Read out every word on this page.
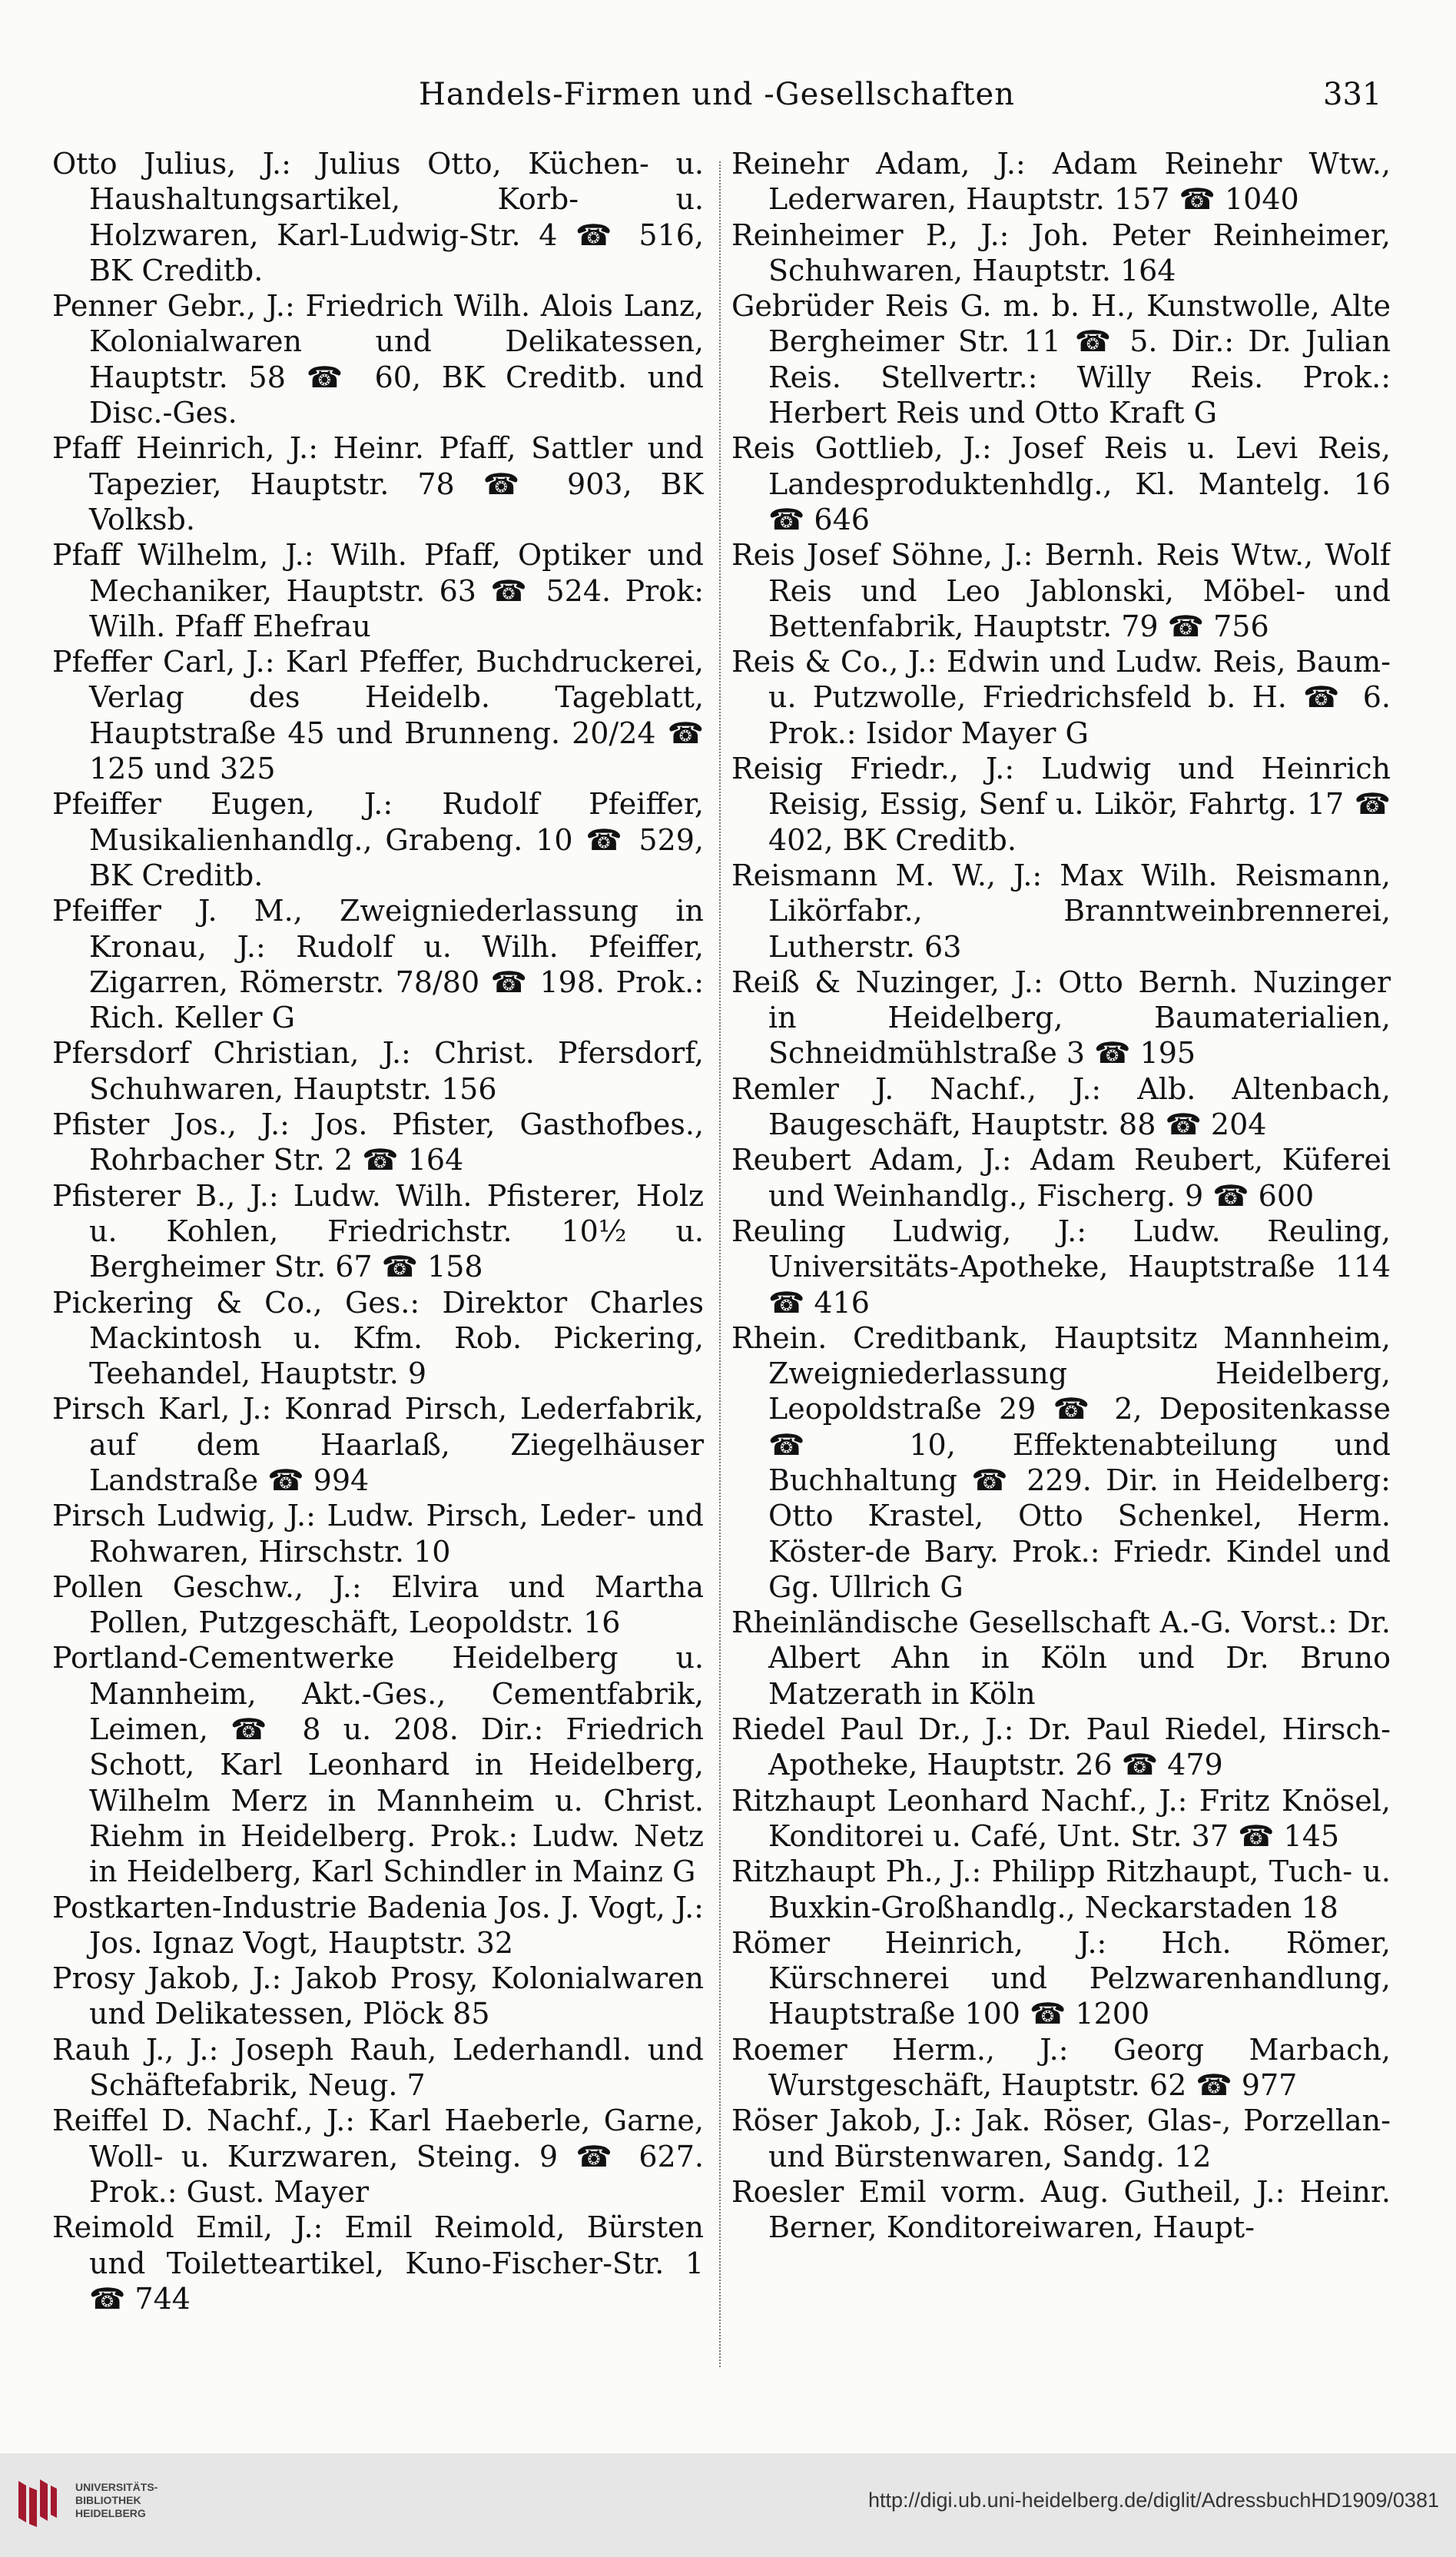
Handels-Firmen und -Gesellschaften	331

Otto Julius, J.: Julius Otto, Küchen- u. Haushaltungsartikel, Korb- u. Holzwaren, Karl-Ludwig-Str. 4 ☎ 516, BK Creditb.

Penner Gebr., J.: Friedrich Wilh. Alois Lanz, Kolonialwaren und Delikatessen, Hauptstr. 58 ☎ 60, BK Creditb. und Disc.-Ges.

Pfaff Heinrich, J.: Heinr. Pfaff, Sattler und Tapezier, Hauptstr. 78 ☎ 903, BK Volksb.

Pfaff Wilhelm, J.: Wilh. Pfaff, Optiker und Mechaniker, Hauptstr. 63 ☎ 524. Prok: Wilh. Pfaff Ehefrau

Pfeffer Carl, J.: Karl Pfeffer, Buchdruckerei, Verlag des Heidelb. Tageblatt, Hauptstraße 45 und Brunneng. 20/24 ☎ 125 und 325

Pfeiffer Eugen, J.: Rudolf Pfeiffer, Musikalienhandlg., Grabeng. 10 ☎ 529, BK Creditb.

Pfeiffer J. M., Zweigniederlassung in Kronau, J.: Rudolf u. Wilh. Pfeiffer, Zigarren, Römerstr. 78/80 ☎ 198. Prok.: Rich. Keller G

Pfersdorf Christian, J.: Christ. Pfersdorf, Schuhwaren, Hauptstr. 156

Pfister Jos., J.: Jos. Pfister, Gasthofbes., Rohrbacher Str. 2 ☎ 164

Pfisterer B., J.: Ludw. Wilh. Pfisterer, Holz u. Kohlen, Friedrichstr. 10½ u. Bergheimer Str. 67 ☎ 158

Pickering & Co., Ges.: Direktor Charles Mackintosh u. Kfm. Rob. Pickering, Teehandel, Hauptstr. 9

Pirsch Karl, J.: Konrad Pirsch, Lederfabrik, auf dem Haarlaß, Ziegelhäuser Landstraße ☎ 994

Pirsch Ludwig, J.: Ludw. Pirsch, Leder- und Rohwaren, Hirschstr. 10

Pollen Geschw., J.: Elvira und Martha Pollen, Putzgeschäft, Leopoldstr. 16

Portland-Cementwerke Heidelberg u. Mannheim, Akt.-Ges., Cementfabrik, Leimen, ☎ 8 u. 208. Dir.: Friedrich Schott, Karl Leonhard in Heidelberg, Wilhelm Merz in Mannheim u. Christ. Riehm in Heidelberg. Prok.: Ludw. Netz in Heidelberg, Karl Schindler in Mainz G

Postkarten-Industrie Badenia Jos. J. Vogt, J.: Jos. Ignaz Vogt, Hauptstr. 32

Prosy Jakob, J.: Jakob Prosy, Kolonialwaren und Delikatessen, Plöck 85

Rauh J., J.: Joseph Rauh, Lederhandl. und Schäftefabrik, Neug. 7

Reiffel D. Nachf., J.: Karl Haeberle, Garne, Woll- u. Kurzwaren, Steing. 9 ☎ 627. Prok.: Gust. Mayer

Reimold Emil, J.: Emil Reimold, Bürsten und Toiletteartikel, Kuno-Fischer-Str. 1 ☎ 744

Reinehr Adam, J.: Adam Reinehr Wtw., Lederwaren, Hauptstr. 157 ☎ 1040

Reinheimer P., J.: Joh. Peter Reinheimer, Schuhwaren, Hauptstr. 164

Gebrüder Reis G. m. b. H., Kunstwolle, Alte Bergheimer Str. 11 ☎ 5. Dir.: Dr. Julian Reis. Stellvertr.: Willy Reis. Prok.: Herbert Reis und Otto Kraft G

Reis Gottlieb, J.: Josef Reis u. Levi Reis, Landesproduktenhdlg., Kl. Mantelg. 16 ☎ 646

Reis Josef Söhne, J.: Bernh. Reis Wtw., Wolf Reis und Leo Jablonski, Möbel- und Bettenfabrik, Hauptstr. 79 ☎ 756

Reis & Co., J.: Edwin und Ludw. Reis, Baum- u. Putzwolle, Friedrichsfeld b. H. ☎ 6. Prok.: Isidor Mayer G

Reisig Friedr., J.: Ludwig und Heinrich Reisig, Essig, Senf u. Likör, Fahrtg. 17 ☎ 402, BK Creditb.

Reismann M. W., J.: Max Wilh. Reismann, Likörfabr., Branntweinbrennerei, Lutherstr. 63

Reiß & Nuzinger, J.: Otto Bernh. Nuzinger in Heidelberg, Baumaterialien, Schneidmühlstraße 3 ☎ 195

Remler J. Nachf., J.: Alb. Altenbach, Baugeschäft, Hauptstr. 88 ☎ 204

Reubert Adam, J.: Adam Reubert, Küferei und Weinhandlg., Fischerg. 9 ☎ 600

Reuling Ludwig, J.: Ludw. Reuling, Universitäts-Apotheke, Hauptstraße 114 ☎ 416

Rhein. Creditbank, Hauptsitz Mannheim, Zweigniederlassung Heidelberg, Leopoldstraße 29 ☎ 2, Depositenkasse ☎ 10, Effektenabteilung und Buchhaltung ☎ 229. Dir. in Heidelberg: Otto Krastel, Otto Schenkel, Herm. Köster-de Bary. Prok.: Friedr. Kindel und Gg. Ullrich G

Rheinländische Gesellschaft A.-G. Vorst.: Dr. Albert Ahn in Köln und Dr. Bruno Matzerath in Köln

Riedel Paul Dr., J.: Dr. Paul Riedel, Hirsch-Apotheke, Hauptstr. 26 ☎ 479

Ritzhaupt Leonhard Nachf., J.: Fritz Knösel, Konditorei u. Café, Unt. Str. 37 ☎ 145

Ritzhaupt Ph., J.: Philipp Ritzhaupt, Tuch- u. Buxkin-Großhandlg., Neckarstaden 18

Römer Heinrich, J.: Hch. Römer, Kürschnerei und Pelzwarenhandlung, Hauptstraße 100 ☎ 1200

Roemer Herm., J.: Georg Marbach, Wurstgeschäft, Hauptstr. 62 ☎ 977

Röser Jakob, J.: Jak. Röser, Glas-, Porzellan- und Bürstenwaren, Sandg. 12

Roesler Emil vorm. Aug. Gutheil, J.: Heinr. Berner, Konditoreiwaren, Haupt-

UNIVERSITÄTS-
BIBLIOTHEK
HEIDELBERG
http://digi.ub.uni-heidelberg.de/diglit/AdressbuchHD1909/0381
